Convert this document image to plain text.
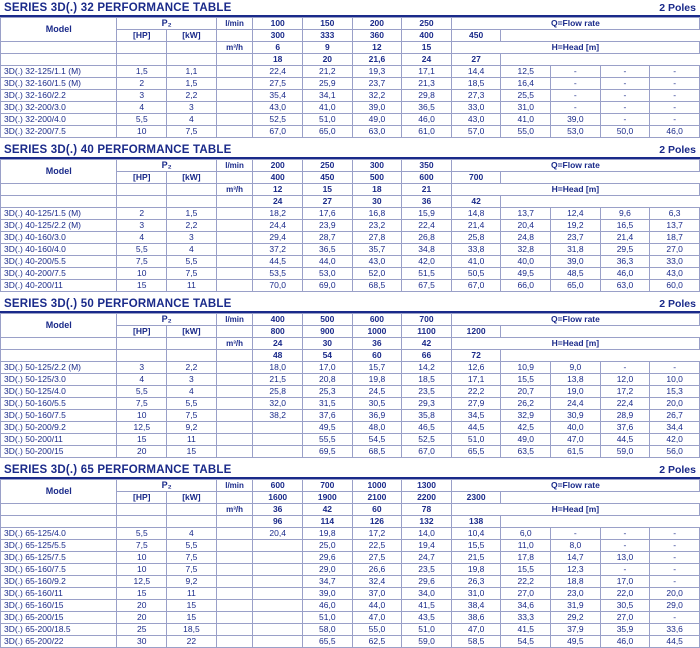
SERIES 3D(.) 32 PERFORMANCE TABLE	2 Poles
Model	P₂		l/min	100	150	200	250	Q=Flow rate				
	[HP]	[kW]		300	333	360	400	450				
			m³/h	6	9	12	15	H=Head [m]				
				18	20	21,6	24	27				
3D(.) 32-125/1.1 (M)	1,5	1,1		22,4	21,2	19,3	17,1	14,4	12,5	-	-	-
3D(.) 32-160/1.5 (M)	2	1,5		27,5	25,9	23,7	21,3	18,5	16,4	-	-	-
3D(.) 32-160/2.2	3	2,2		35,4	34,1	32,2	29,8	27,3	25,5	-	-	-
3D(.) 32-200/3.0	4	3		43,0	41,0	39,0	36,5	33,0	31,0	-	-	-
3D(.) 32-200/4.0	5,5	4		52,5	51,0	49,0	46,0	43,0	41,0	39,0	-	-
3D(.) 32-200/7.5	10	7,5		67,0	65,0	63,0	61,0	57,0	55,0	53,0	50,0	46,0
SERIES 3D(.) 40 PERFORMANCE TABLE	2 Poles
Model	P₂		l/min	200	250	300	350	Q=Flow rate				
	[HP]	[kW]		400	450	500	600	700				
			m³/h	12	15	18	21	H=Head [m]				
				24	27	30	36	42				
3D(.) 40-125/1.5 (M)	2	1,5		18,2	17,6	16,8	15,9	14,8	13,7	12,4	9,6	6,3
3D(.) 40-125/2.2 (M)	3	2,2		24,4	23,9	23,2	22,4	21,4	20,4	19,2	16,5	13,7
3D(.) 40-160/3.0	4	3		29,4	28,7	27,8	26,8	25,8	24,8	23,7	21,4	18,7
3D(.) 40-160/4.0	5,5	4		37,2	36,5	35,7	34,8	33,8	32,8	31,8	29,5	27,0
3D(.) 40-200/5.5	7,5	5,5		44,5	44,0	43,0	42,0	41,0	40,0	39,0	36,3	33,0
3D(.) 40-200/7.5	10	7,5		53,5	53,0	52,0	51,5	50,5	49,5	48,5	46,0	43,0
3D(.) 40-200/11	15	11		70,0	69,0	68,5	67,5	67,0	66,0	65,0	63,0	60,0
SERIES 3D(.) 50 PERFORMANCE TABLE	2 Poles
Model	P₂		l/min	400	500	600	700	Q=Flow rate				
	[HP]	[kW]		800	900	1000	1100	1200				
			m³/h	24	30	36	42	H=Head [m]				
				48	54	60	66	72				
3D(.) 50-125/2.2 (M)	3	2,2		18,0	17,0	15,7	14,2	12,6	10,9	9,0	-	-
3D(.) 50-125/3.0	4	3		21,5	20,8	19,8	18,5	17,1	15,5	13,8	12,0	10,0
3D(.) 50-125/4.0	5,5	4		25,8	25,3	24,5	23,5	22,2	20,7	19,0	17,2	15,3
3D(.) 50-160/5.5	7,5	5,5		32,0	31,5	30,5	29,3	27,9	26,2	24,4	22,4	20,0
3D(.) 50-160/7.5	10	7,5		38,2	37,6	36,9	35,8	34,5	32,9	30,9	28,9	26,7
3D(.) 50-200/9.2	12,5	9,2			49,5	48,0	46,5	44,5	42,5	40,0	37,6	34,4
3D(.) 50-200/11	15	11			55,5	54,5	52,5	51,0	49,0	47,0	44,5	42,0
3D(.) 50-200/15	20	15			69,5	68,5	67,0	65,5	63,5	61,5	59,0	56,0
SERIES 3D(.) 65 PERFORMANCE TABLE	2 Poles
Model	P₂		l/min	600	700	1000	1300	Q=Flow rate				
	[HP]	[kW]		1600	1900	2100	2200	2300				
			m³/h	36	42	60	78	H=Head [m]				
				96	114	126	132	138				
3D(.) 65-125/4.0	5,5	4		20,4	19,8	17,2	14,0	10,4	6,0	-	-	-
3D(.) 65-125/5.5	7,5	5,5			25,0	22,5	19,4	15,5	11,0	8,0	-	-
3D(.) 65-125/7.5	10	7,5			29,6	27,5	24,7	21,5	17,8	14,7	13,0	-
3D(.) 65-160/7.5	10	7,5			29,0	26,6	23,5	19,8	15,5	12,3	-	-
3D(.) 65-160/9.2	12,5	9,2			34,7	32,4	29,6	26,3	22,2	18,8	17,0	-
3D(.) 65-160/11	15	11			39,0	37,0	34,0	31,0	27,0	23,0	22,0	20,0
3D(.) 65-160/15	20	15			46,0	44,0	41,5	38,4	34,6	31,9	30,5	29,0
3D(.) 65-200/15	20	15			51,0	47,0	43,5	38,6	33,3	29,2	27,0	-
3D(.) 65-200/18.5	25	18,5			58,0	55,0	51,0	47,0	41,5	37,9	35,9	33,6
3D(.) 65-200/22	30	22			65,5	62,5	59,0	58,5	54,5	49,5	46,0	44,5
